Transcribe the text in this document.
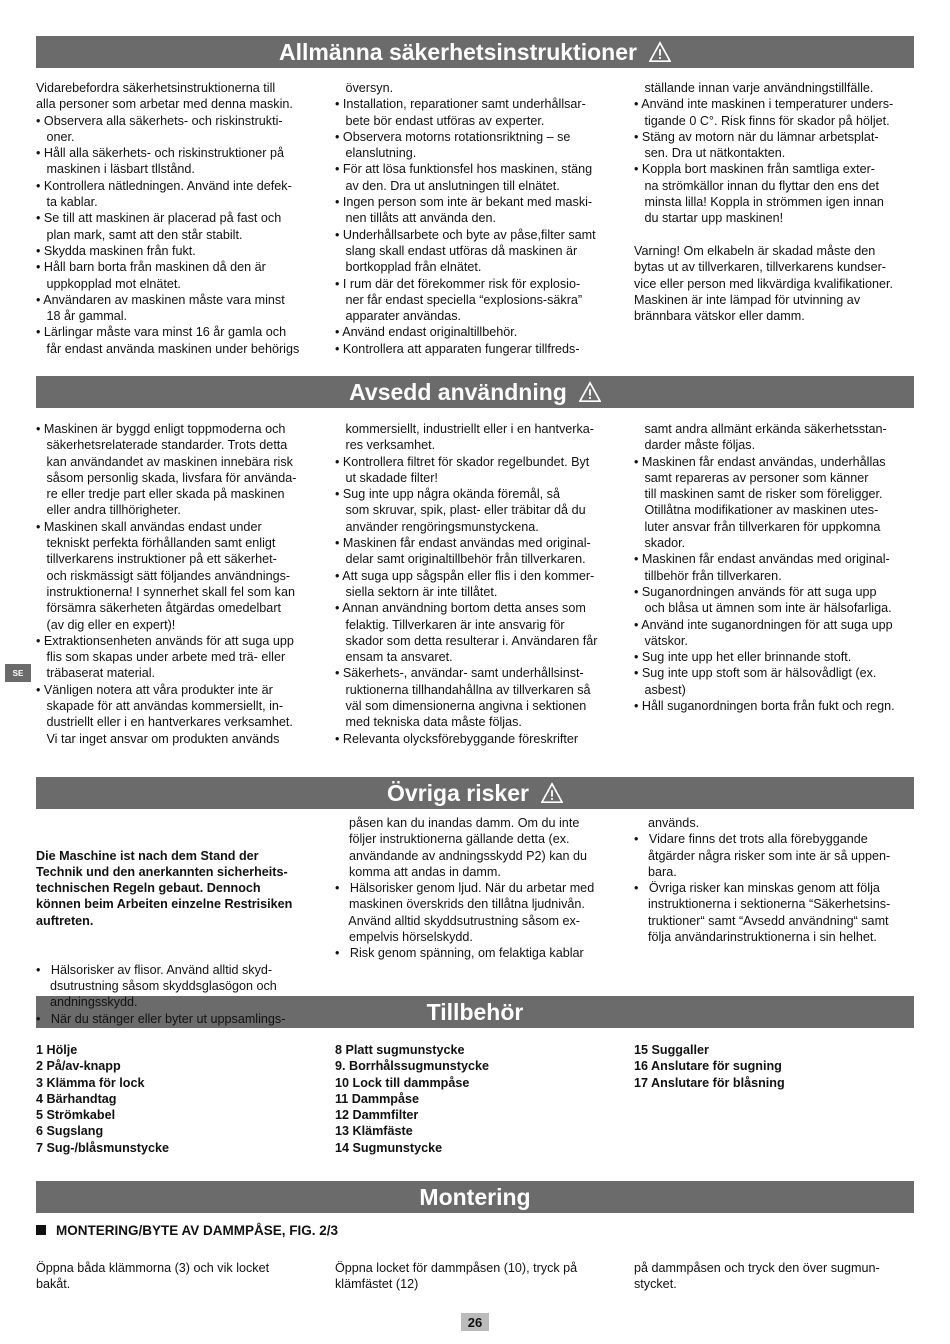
Allmänna säkerhetsinstruktioner
Avsedd användning
Övriga risker
Tillbehör
Montering
Vidarebefordra säkerhetsinstruktionerna till
alla personer som arbetar med denna maskin.
• Observera alla säkerhets- och riskinstrukti-
oner.
• Håll alla säkerhets- och riskinstruktioner på
maskinen i läsbart tllstånd.
• Kontrollera nätledningen. Använd inte defek-
ta kablar.
• Se till att maskinen är placerad på fast och
plan mark, samt att den står stabilt.
• Skydda maskinen från fukt.
• Håll barn borta från maskinen då den är
uppkopplad mot elnätet.
• Användaren av maskinen måste vara minst
18 år gammal.
• Lärlingar måste vara minst 16 år gamla och
får endast använda maskinen under behörigs
översyn.
• Installation, reparationer samt underhållsar-
bete bör endast utföras av experter.
• Observera motorns rotationsriktning – se
elanslutning.
• För att lösa funktionsfel hos maskinen, stäng
av den. Dra ut anslutningen till elnätet.
• Ingen person som inte är bekant med maski-
nen tillåts att använda den.
• Underhållsarbete och byte av påse,filter samt
slang skall endast utföras då maskinen är
bortkopplad från elnätet.
• I rum där det förekommer risk för explosio-
ner får endast speciella “explosions-säkra”
apparater användas.
• Använd endast originaltillbehör.
• Kontrollera att apparaten fungerar tillfreds-
ställande innan varje användningstillfälle.
• Använd inte maskinen i temperaturer unders-
tigande 0 C°. Risk finns för skador på höljet.
• Stäng av motorn när du lämnar arbetsplat-
sen. Dra ut nätkontakten.
• Koppla bort maskinen från samtliga exter-
na strömkällor innan du flyttar den ens det
minsta lilla! Koppla in strömmen igen innan
du startar upp maskinen!

Varning! Om elkabeln är skadad måste den
bytas ut av tillverkaren, tillverkarens kundser-
vice eller person med likvärdiga kvalifikationer.
Maskinen är inte lämpad för utvinning av
brännbara vätskor eller damm.
• Maskinen är byggd enligt toppmoderna och
säkerhetsrelaterade standarder. Trots detta
kan användandet av maskinen innebära risk
såsom personlig skada, livsfara för använda-
re eller tredje part eller skada på maskinen
eller andra tillhörigheter.
• Maskinen skall användas endast under
tekniskt perfekta förhållanden samt enligt
tillverkarens instruktioner på ett säkerhet-
och riskmässigt sätt följandes användnings-
instruktionerna! I synnerhet skall fel som kan
försämra säkerheten åtgärdas omedelbart
(av dig eller en expert)!
• Extraktionsenheten används för att suga upp
flis som skapas under arbete med trä- eller
träbaserat material.
• Vänligen notera att våra produkter inte är
skapade för att användas kommersiellt, in-
dustriellt eller i en hantverkares verksamhet.
Vi tar inget ansvar om produkten används
kommersiellt, industriellt eller i en hantverka-
res verksamhet.
• Kontrollera filtret för skador regelbundet. Byt
ut skadade filter!
• Sug inte upp några okända föremål, så
som skruvar, spik, plast- eller träbitar då du
använder rengöringsmunstyckena.
• Maskinen får endast användas med original-
delar samt originaltillbehör från tillverkaren.
• Att suga upp sågspån eller flis i den kommer-
siella sektorn är inte tillåtet.
• Annan användning bortom detta anses som
felaktig. Tillverkaren är inte ansvarig för
skador som detta resulterar i. Användaren får
ensam ta ansvaret.
• Säkerhets-, användar- samt underhållsinst-
ruktionerna tillhandahållna av tillverkaren så
väl som dimensionerna angivna i sektionen
med tekniska data måste följas.
• Relevanta olycksförebyggande föreskrifter
samt andra allmänt erkända säkerhetsstan-
darder måste följas.
• Maskinen får endast användas, underhållas
samt repareras av personer som känner
till maskinen samt de risker som föreligger.
Otillåtna modifikationer av maskinen utes-
luter ansvar från tillverkaren för uppkomna
skador.
• Maskinen får endast användas med original-
tillbehör från tillverkaren.
• Suganordningen används för att suga upp
och blåsa ut ämnen som inte är hälsofarliga.
• Använd inte suganordningen för att suga upp
vätskor.
• Sug inte upp het eller brinnande stoft.
• Sug inte upp stoft som är hälsovådligt (ex.
asbest)
• Håll suganordningen borta från fukt och regn.

Die Maschine ist nach dem Stand der
Technik und den anerkannten sicherheits-
technischen Regeln gebaut. Dennoch
können beim Arbeiten einzelne Restrisiken
auftreten.

•   Hälsorisker av flisor. Använd alltid skyd-
dsutrustning såsom skyddsglasögon och
andningsskydd.
•   När du stänger eller byter ut uppsamlings-

påsen kan du inandas damm. Om du inte
följer instruktionerna gällande detta (ex.
användande av andningsskydd P2) kan du
komma att andas in damm.
•   Hälsorisker genom ljud. När du arbetar med
maskinen överskrids den tillåtna ljudnivån.
Använd alltid skyddsutrustning såsom ex-
empelvis hörselskydd.
•   Risk genom spänning, om felaktiga kablar
används.
•   Vidare finns det trots alla förebyggande
åtgärder några risker som inte är så uppen-
bara.
•   Övriga risker kan minskas genom att följa
instruktionerna i sektionerna “Säkerhetsins-
truktioner“ samt “Avsedd användning“ samt
följa användarinstruktionerna i sin helhet.
1 Hölje
2 På/av-knapp
3 Klämma för lock
4 Bärhandtag
5 Strömkabel
6 Sugslang
7 Sug-/blåsmunstycke
8 Platt sugmunstycke
9. Borrhålssugmunstycke
10 Lock till dammpåse
11 Dammpåse
12 Dammfilter
13 Klämfäste
14 Sugmunstycke
15 Suggaller
16 Anslutare för sugning
17 Anslutare för blåsning
MONTERING/BYTE AV DAMMPÅSE, FIG. 2/3
Öppna båda klämmorna (3) och vik locket
bakåt.
Öppna locket för dammpåsen (10), tryck på
klämfästet (12)
på dammpåsen och tryck den över sugmun-
stycket.
SE
26
